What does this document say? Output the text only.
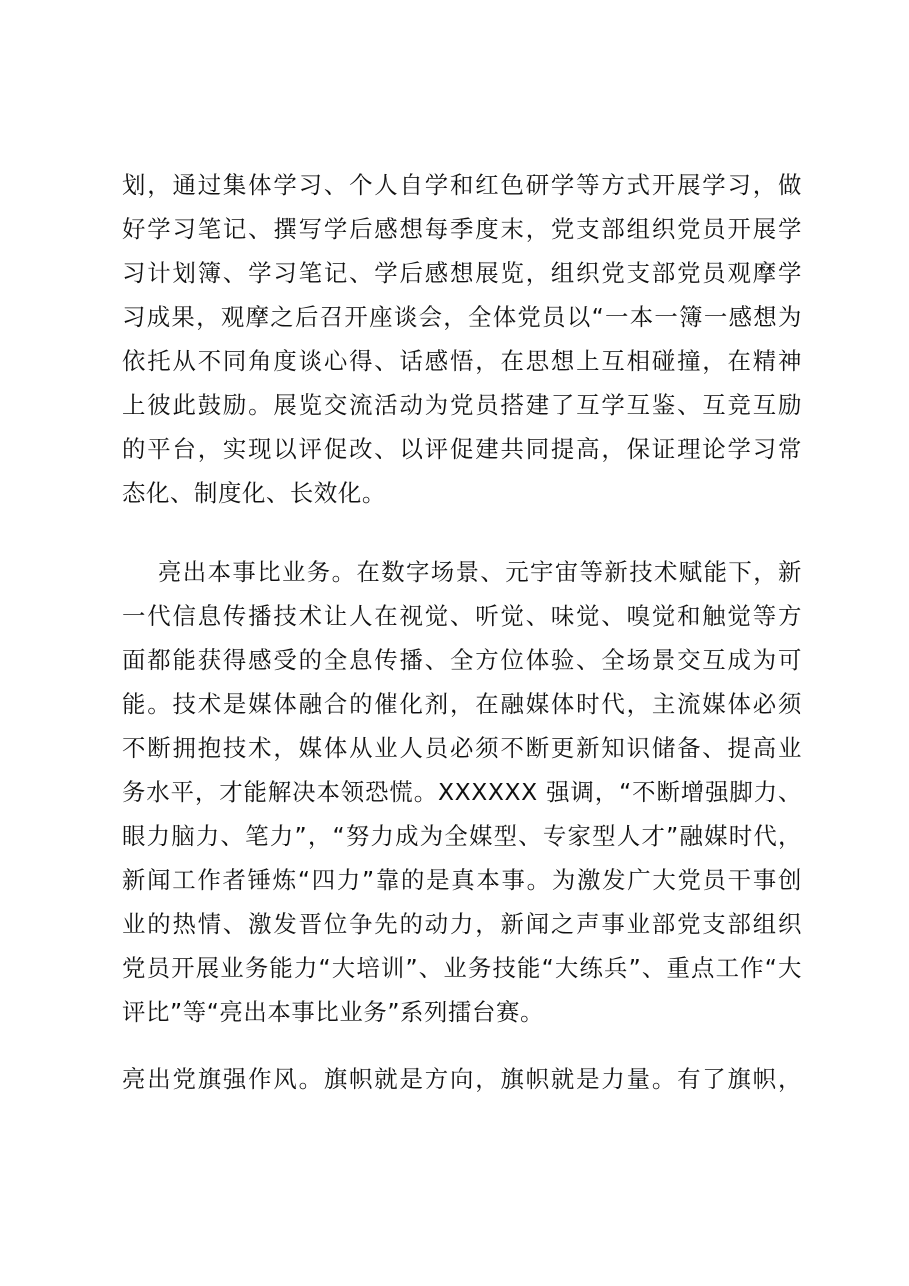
划，通过集体学习、个人自学和红色研学等方式开展学习，做

好学习笔记、撰写学后感想每季度末，党支部组织党员开展学

习计划簿、学习笔记、学后感想展览，组织党支部党员观摩学

习成果，观摩之后召开座谈会，全体党员以“一本一簿一感想为

依托从不同角度谈心得、话感悟，在思想上互相碰撞，在精神

上彼此鼓励。展览交流活动为党员搭建了互学互鉴、互竞互励

的平台，实现以评促改、以评促建共同提高，保证理论学习常

态化、制度化、长效化。

亮出本事比业务。在数字场景、元宇宙等新技术赋能下，新

一代信息传播技术让人在视觉、听觉、味觉、嗅觉和触觉等方

面都能获得感受的全息传播、全方位体验、全场景交互成为可

能。技术是媒体融合的催化剂，在融媒体时代，主流媒体必须

不断拥抱技术，媒体从业人员必须不断更新知识储备、提高业

务水平，才能解决本领恐慌。XXXXXX 强调，“不断增强脚力、

眼力脑力、笔力”，“努力成为全媒型、专家型人才”融媒时代，

新闻工作者锤炼“四力”靠的是真本事。为激发广大党员干事创

业的热情、激发晋位争先的动力，新闻之声事业部党支部组织

党员开展业务能力“大培训”、业务技能“大练兵”、重点工作“大

评比”等“亮出本事比业务”系列擂台赛。

亮出党旗强作风。旗帜就是方向，旗帜就是力量。有了旗帜，
